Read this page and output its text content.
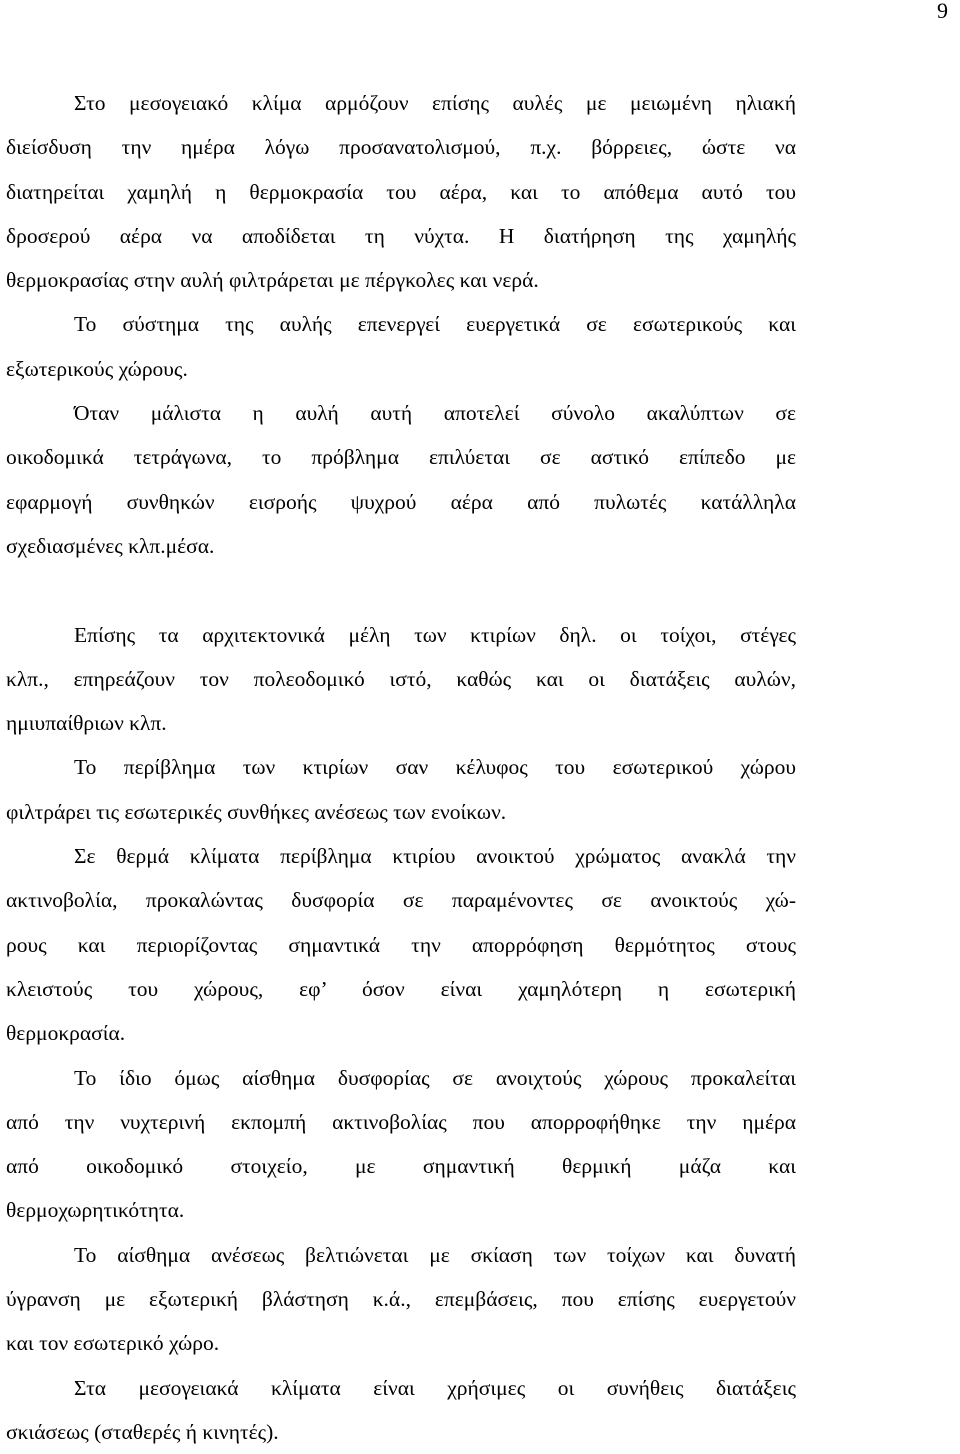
9
Στο μεσογειακό κλίμα αρμόζουν επίσης αυλές με μειωμένη ηλιακή
διείσδυση την ημέρα λόγω προσανατολισμού, π.χ. βόρρειες, ώστε να
διατηρείται χαμηλή η θερμοκρασία του αέρα, και το απόθεμα αυτό του
δροσερού αέρα να αποδίδεται τη νύχτα. Η διατήρηση της χαμηλής
θερμοκρασίας στην αυλή φιλτράρεται με πέργκολες και νερά.
Το σύστημα της αυλής επενεργεί ευεργετικά σε εσωτερικούς και
εξωτερικούς χώρους.
Όταν μάλιστα η αυλή αυτή αποτελεί σύνολο ακαλύπτων σε
οικοδομικά τετράγωνα, το πρόβλημα επιλύεται σε αστικό επίπεδο με
εφαρμογή συνθηκών εισροής ψυχρού αέρα από πυλωτές κατάλληλα
σχεδιασμένες κλπ.μέσα.
Επίσης τα αρχιτεκτονικά μέλη των κτιρίων δηλ. οι τοίχοι, στέγες
κλπ., επηρεάζουν τον πολεοδομικό ιστό, καθώς και οι διατάξεις αυλών,
ημιυπαίθριων κλπ.
Το περίβλημα των κτιρίων σαν κέλυφος του εσωτερικού χώρου
φιλτράρει τις εσωτερικές συνθήκες ανέσεως των ενοίκων.
Σε θερμά κλίματα περίβλημα κτιρίου ανοικτού χρώματος ανακλά την
ακτινοβολία, προκαλώντας δυσφορία σε παραμένοντες σε ανοικτούς χώ-
ρους και περιορίζοντας σημαντικά την απορρόφηση θερμότητος στους
κλειστούς του χώρους, εφ’ όσον είναι χαμηλότερη η εσωτερική
θερμοκρασία.
Το ίδιο όμως αίσθημα δυσφορίας σε ανοιχτούς χώρους προκαλείται
από την νυχτερινή εκπομπή ακτινοβολίας που απορροφήθηκε την ημέρα
από οικοδομικό στοιχείο, με σημαντική θερμική μάζα και
θερμοχωρητικότητα.
Το αίσθημα ανέσεως βελτιώνεται με σκίαση των τοίχων και δυνατή
ύγρανση με εξωτερική βλάστηση κ.ά., επεμβάσεις, που επίσης ευεργετούν
και τον εσωτερικό χώρο.
Στα μεσογειακά κλίματα είναι χρήσιμες οι συνήθεις διατάξεις
σκιάσεως (σταθερές ή κινητές).
